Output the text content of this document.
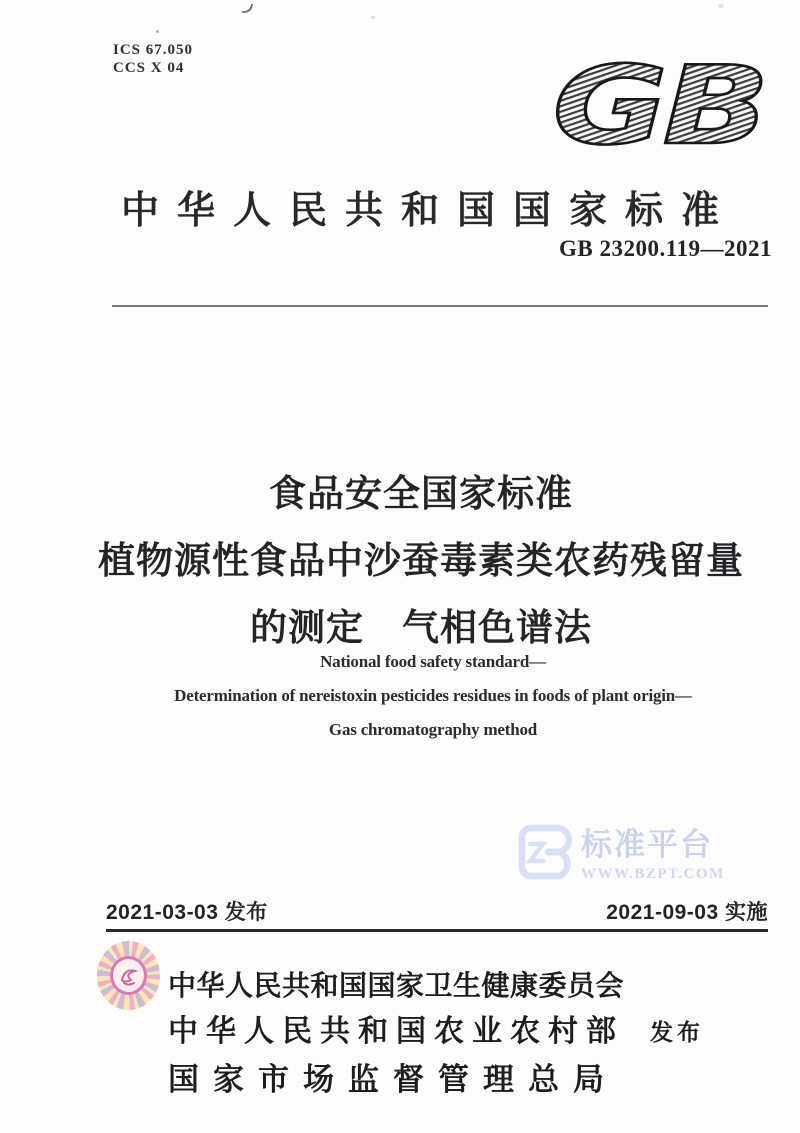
ICS 67.050
CCS X 04	GB
中华人民共和国国家标准
GB 23200.119—2021
食品安全国家标准
植物源性食品中沙蚕毒素类农药残留量
的测定　气相色谱法
National food safety standard—
Determination of nereistoxin pesticides residues in foods of plant origin—
Gas chromatography method
标准平台
WWW.BZPT.COM
2021-03-03 发布	2021-09-03 实施
中华人民共和国国家卫生健康委员会
中华人民共和国农业农村部
国家市场监督管理总局
发布
